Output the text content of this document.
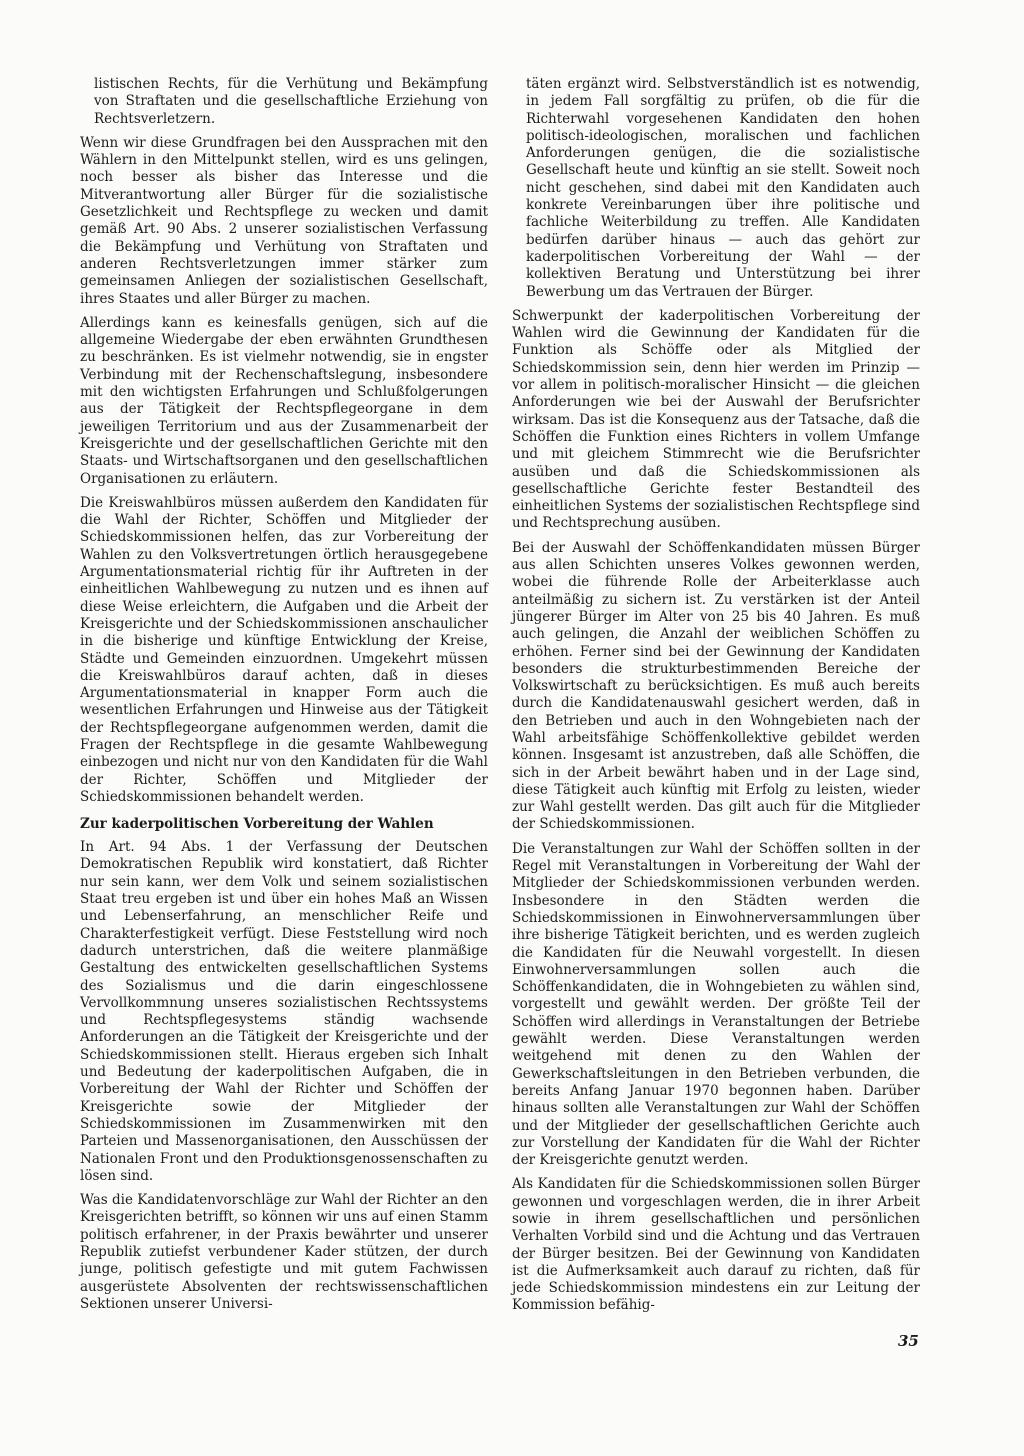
listischen Rechts, für die Verhütung und Bekämpfung von Straftaten und die gesellschaftliche Erziehung von Rechtsverletzern.

Wenn wir diese Grundfragen bei den Aussprachen mit den Wählern in den Mittelpunkt stellen, wird es uns gelingen, noch besser als bisher das Interesse und die Mitverantwortung aller Bürger für die sozialistische Gesetzlichkeit und Rechtspflege zu wecken und damit gemäß Art. 90 Abs. 2 unserer sozialistischen Verfassung die Bekämpfung und Verhütung von Straftaten und anderen Rechtsverletzungen immer stärker zum gemeinsamen Anliegen der sozialistischen Gesellschaft, ihres Staates und aller Bürger zu machen.

Allerdings kann es keinesfalls genügen, sich auf die allgemeine Wiedergabe der eben erwähnten Grundthesen zu beschränken. Es ist vielmehr notwendig, sie in engster Verbindung mit der Rechenschaftslegung, insbesondere mit den wichtigsten Erfahrungen und Schlußfolgerungen aus der Tätigkeit der Rechtspflegeorgane in dem jeweiligen Territorium und aus der Zusammenarbeit der Kreisgerichte und der gesellschaftlichen Gerichte mit den Staats- und Wirtschaftsorganen und den gesellschaftlichen Organisationen zu erläutern.

Die Kreiswahlbüros müssen außerdem den Kandidaten für die Wahl der Richter, Schöffen und Mitglieder der Schiedskommissionen helfen, das zur Vorbereitung der Wahlen zu den Volksvertretungen örtlich herausgegebene Argumentationsmaterial richtig für ihr Auftreten in der einheitlichen Wahlbewegung zu nutzen und es ihnen auf diese Weise erleichtern, die Aufgaben und die Arbeit der Kreisgerichte und der Schiedskommissionen anschaulicher in die bisherige und künftige Entwicklung der Kreise, Städte und Gemeinden einzuordnen. Umgekehrt müssen die Kreiswahlbüros darauf achten, daß in dieses Argumentationsmaterial in knapper Form auch die wesentlichen Erfahrungen und Hinweise aus der Tätigkeit der Rechtspflegeorgane aufgenommen werden, damit die Fragen der Rechtspflege in die gesamte Wahlbewegung einbezogen und nicht nur von den Kandidaten für die Wahl der Richter, Schöffen und Mitglieder der Schiedskommissionen behandelt werden.

Zur kaderpolitischen Vorbereitung der Wahlen

In Art. 94 Abs. 1 der Verfassung der Deutschen Demokratischen Republik wird konstatiert, daß Richter nur sein kann, wer dem Volk und seinem sozialistischen Staat treu ergeben ist und über ein hohes Maß an Wissen und Lebenserfahrung, an menschlicher Reife und Charakterfestigkeit verfügt. Diese Feststellung wird noch dadurch unterstrichen, daß die weitere planmäßige Gestaltung des entwickelten gesellschaftlichen Systems des Sozialismus und die darin eingeschlossene Vervollkommnung unseres sozialistischen Rechtssystems und Rechtspflegesystems ständig wachsende Anforderungen an die Tätigkeit der Kreisgerichte und der Schiedskommissionen stellt. Hieraus ergeben sich Inhalt und Bedeutung der kaderpolitischen Aufgaben, die in Vorbereitung der Wahl der Richter und Schöffen der Kreisgerichte sowie der Mitglieder der Schiedskommissionen im Zusammenwirken mit den Parteien und Massenorganisationen, den Ausschüssen der Nationalen Front und den Produktionsgenossenschaften zu lösen sind.

Was die Kandidatenvorschläge zur Wahl der Richter an den Kreisgerichten betrifft, so können wir uns auf einen Stamm politisch erfahrener, in der Praxis bewährter und unserer Republik zutiefst verbundener Kader stützen, der durch junge, politisch gefestigte und mit gutem Fachwissen ausgerüstete Absolventen der rechtswissenschaftlichen Sektionen unserer Universi-

täten ergänzt wird. Selbstverständlich ist es notwendig, in jedem Fall sorgfältig zu prüfen, ob die für die Richterwahl vorgesehenen Kandidaten den hohen politisch-ideologischen, moralischen und fachlichen Anforderungen genügen, die die sozialistische Gesellschaft heute und künftig an sie stellt. Soweit noch nicht geschehen, sind dabei mit den Kandidaten auch konkrete Vereinbarungen über ihre politische und fachliche Weiterbildung zu treffen. Alle Kandidaten bedürfen darüber hinaus — auch das gehört zur kaderpolitischen Vorbereitung der Wahl — der kollektiven Beratung und Unterstützung bei ihrer Bewerbung um das Vertrauen der Bürger.

Schwerpunkt der kaderpolitischen Vorbereitung der Wahlen wird die Gewinnung der Kandidaten für die Funktion als Schöffe oder als Mitglied der Schiedskommission sein, denn hier werden im Prinzip — vor allem in politisch-moralischer Hinsicht — die gleichen Anforderungen wie bei der Auswahl der Berufsrichter wirksam. Das ist die Konsequenz aus der Tatsache, daß die Schöffen die Funktion eines Richters in vollem Umfange und mit gleichem Stimmrecht wie die Berufsrichter ausüben und daß die Schiedskommissionen als gesellschaftliche Gerichte fester Bestandteil des einheitlichen Systems der sozialistischen Rechtspflege sind und Rechtsprechung ausüben.

Bei der Auswahl der Schöffenkandidaten müssen Bürger aus allen Schichten unseres Volkes gewonnen werden, wobei die führende Rolle der Arbeiterklasse auch anteilmäßig zu sichern ist. Zu verstärken ist der Anteil jüngerer Bürger im Alter von 25 bis 40 Jahren. Es muß auch gelingen, die Anzahl der weiblichen Schöffen zu erhöhen. Ferner sind bei der Gewinnung der Kandidaten besonders die strukturbestimmenden Bereiche der Volkswirtschaft zu berücksichtigen. Es muß auch bereits durch die Kandidatenauswahl gesichert werden, daß in den Betrieben und auch in den Wohngebieten nach der Wahl arbeitsfähige Schöffenkollektive gebildet werden können. Insgesamt ist anzustreben, daß alle Schöffen, die sich in der Arbeit bewährt haben und in der Lage sind, diese Tätigkeit auch künftig mit Erfolg zu leisten, wieder zur Wahl gestellt werden. Das gilt auch für die Mitglieder der Schiedskommissionen.

Die Veranstaltungen zur Wahl der Schöffen sollten in der Regel mit Veranstaltungen in Vorbereitung der Wahl der Mitglieder der Schiedskommissionen verbunden werden. Insbesondere in den Städten werden die Schiedskommissionen in Einwohnerversammlungen über ihre bisherige Tätigkeit berichten, und es werden zugleich die Kandidaten für die Neuwahl vorgestellt. In diesen Einwohnerversammlungen sollen auch die Schöffenkandidaten, die in Wohngebieten zu wählen sind, vorgestellt und gewählt werden. Der größte Teil der Schöffen wird allerdings in Veranstaltungen der Betriebe gewählt werden. Diese Veranstaltungen werden weitgehend mit denen zu den Wahlen der Gewerkschaftsleitungen in den Betrieben verbunden, die bereits Anfang Januar 1970 begonnen haben. Darüber hinaus sollten alle Veranstaltungen zur Wahl der Schöffen und der Mitglieder der gesellschaftlichen Gerichte auch zur Vorstellung der Kandidaten für die Wahl der Richter der Kreisgerichte genutzt werden.

Als Kandidaten für die Schiedskommissionen sollen Bürger gewonnen und vorgeschlagen werden, die in ihrer Arbeit sowie in ihrem gesellschaftlichen und persönlichen Verhalten Vorbild sind und die Achtung und das Vertrauen der Bürger besitzen. Bei der Gewinnung von Kandidaten ist die Aufmerksamkeit auch darauf zu richten, daß für jede Schiedskommission mindestens ein zur Leitung der Kommission befähig-

35
